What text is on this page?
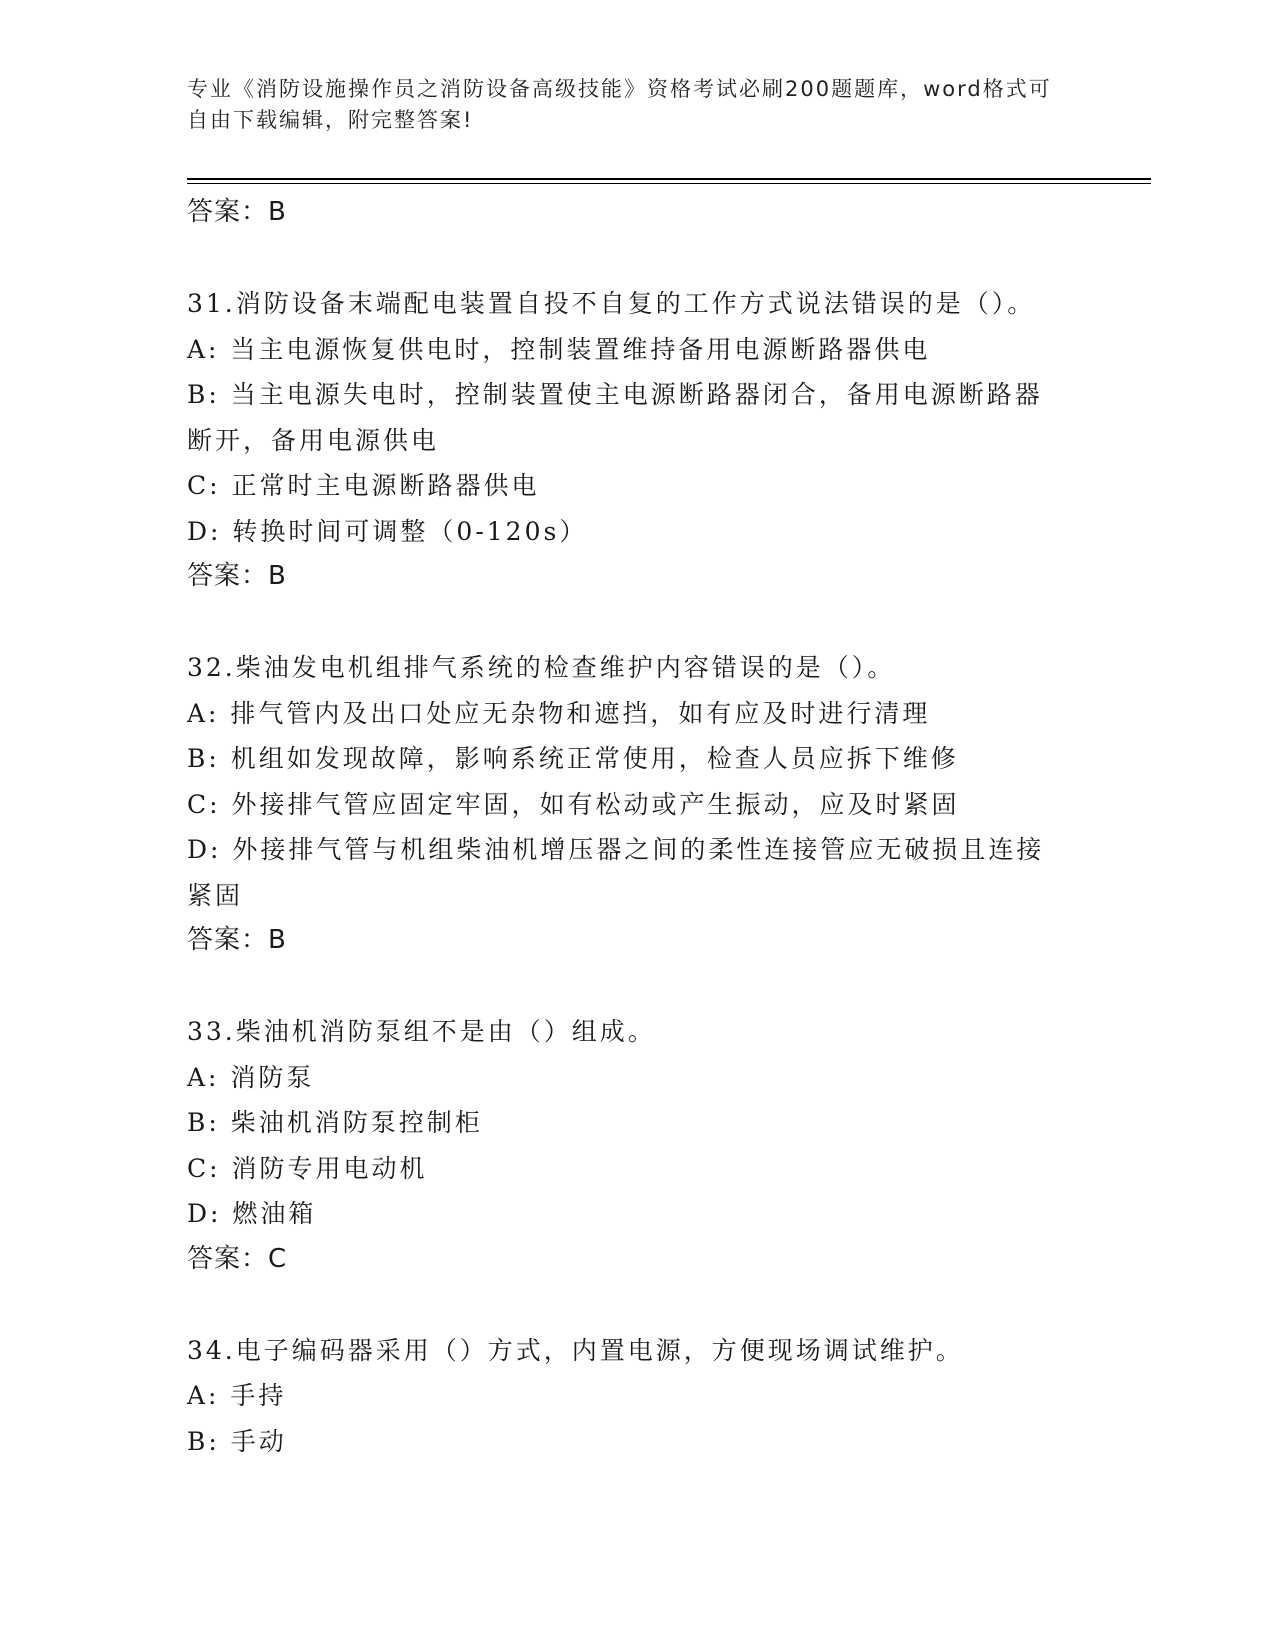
专业《消防设施操作员之消防设备高级技能》资格考试必刷200题题库，word格式可自由下载编辑，附完整答案!
答案：B
31.消防设备末端配电装置自投不自复的工作方式说法错误的是（）。
A: 当主电源恢复供电时，控制装置维持备用电源断路器供电
B: 当主电源失电时，控制装置使主电源断路器闭合，备用电源断路器断开，备用电源供电
C: 正常时主电源断路器供电
D: 转换时间可调整（0-120s）
答案：B
32.柴油发电机组排气系统的检查维护内容错误的是（）。
A: 排气管内及出口处应无杂物和遮挡，如有应及时进行清理
B: 机组如发现故障，影响系统正常使用，检查人员应拆下维修
C: 外接排气管应固定牢固，如有松动或产生振动，应及时紧固
D: 外接排气管与机组柴油机增压器之间的柔性连接管应无破损且连接紧固
答案：B
33.柴油机消防泵组不是由（）组成。
A: 消防泵
B: 柴油机消防泵控制柜
C: 消防专用电动机
D: 燃油箱
答案：C
34.电子编码器采用（）方式，内置电源，方便现场调试维护。
A: 手持
B: 手动
